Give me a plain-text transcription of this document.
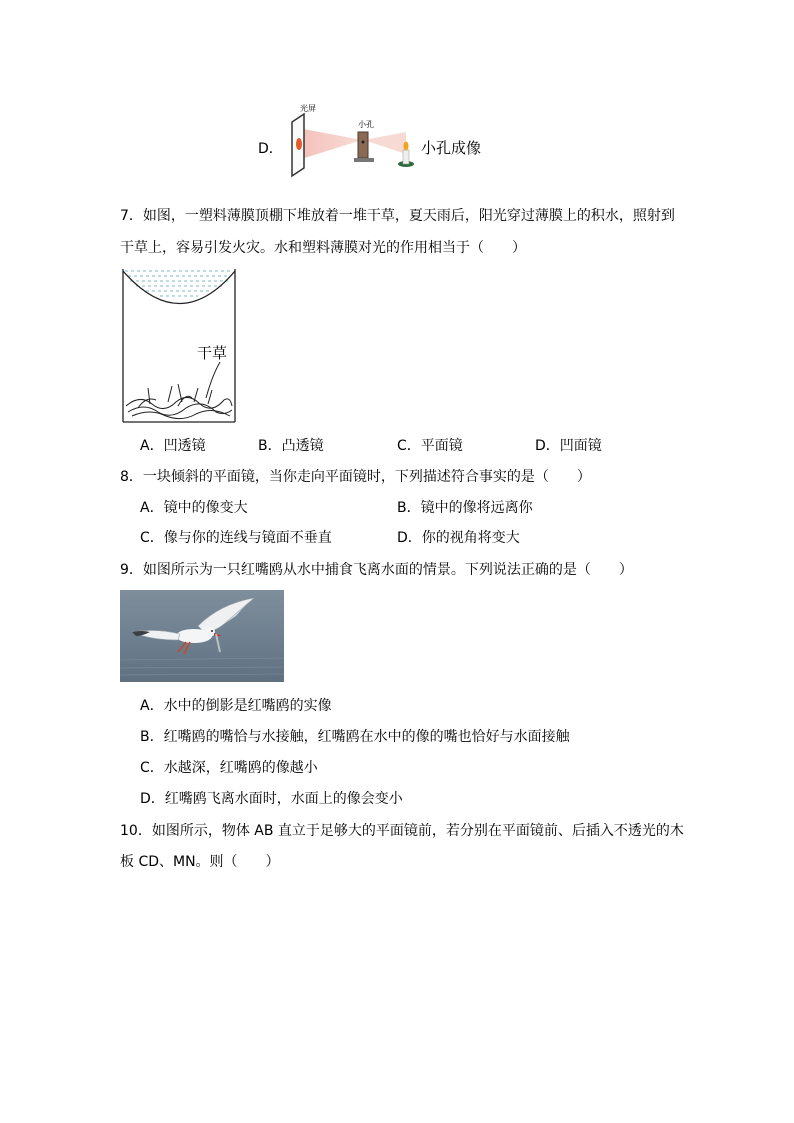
D．
光屏
小孔
小孔成像
7．如图，一塑料薄膜顶棚下堆放着一堆干草，夏天雨后，阳光穿过薄膜上的积水，照射到
干草上，容易引发火灾。水和塑料薄膜对光的作用相当于（　　）
干草
A．凹透镜	B．凸透镜	C．平面镜	D．凹面镜
8．一块倾斜的平面镜，当你走向平面镜时，下列描述符合事实的是（　　）
A．镜中的像变大	B．镜中的像将远离你
C．像与你的连线与镜面不垂直	D．你的视角将变大
9．如图所示为一只红嘴鸥从水中捕食飞离水面的情景。下列说法正确的是（　　）
A．水中的倒影是红嘴鸥的实像
B．红嘴鸥的嘴恰与水接触，红嘴鸥在水中的像的嘴也恰好与水面接触
C．水越深，红嘴鸥的像越小
D．红嘴鸥飞离水面时，水面上的像会变小
10．如图所示，物体 AB 直立于足够大的平面镜前，若分别在平面镜前、后插入不透光的木
板 CD、MN。则（　　）
